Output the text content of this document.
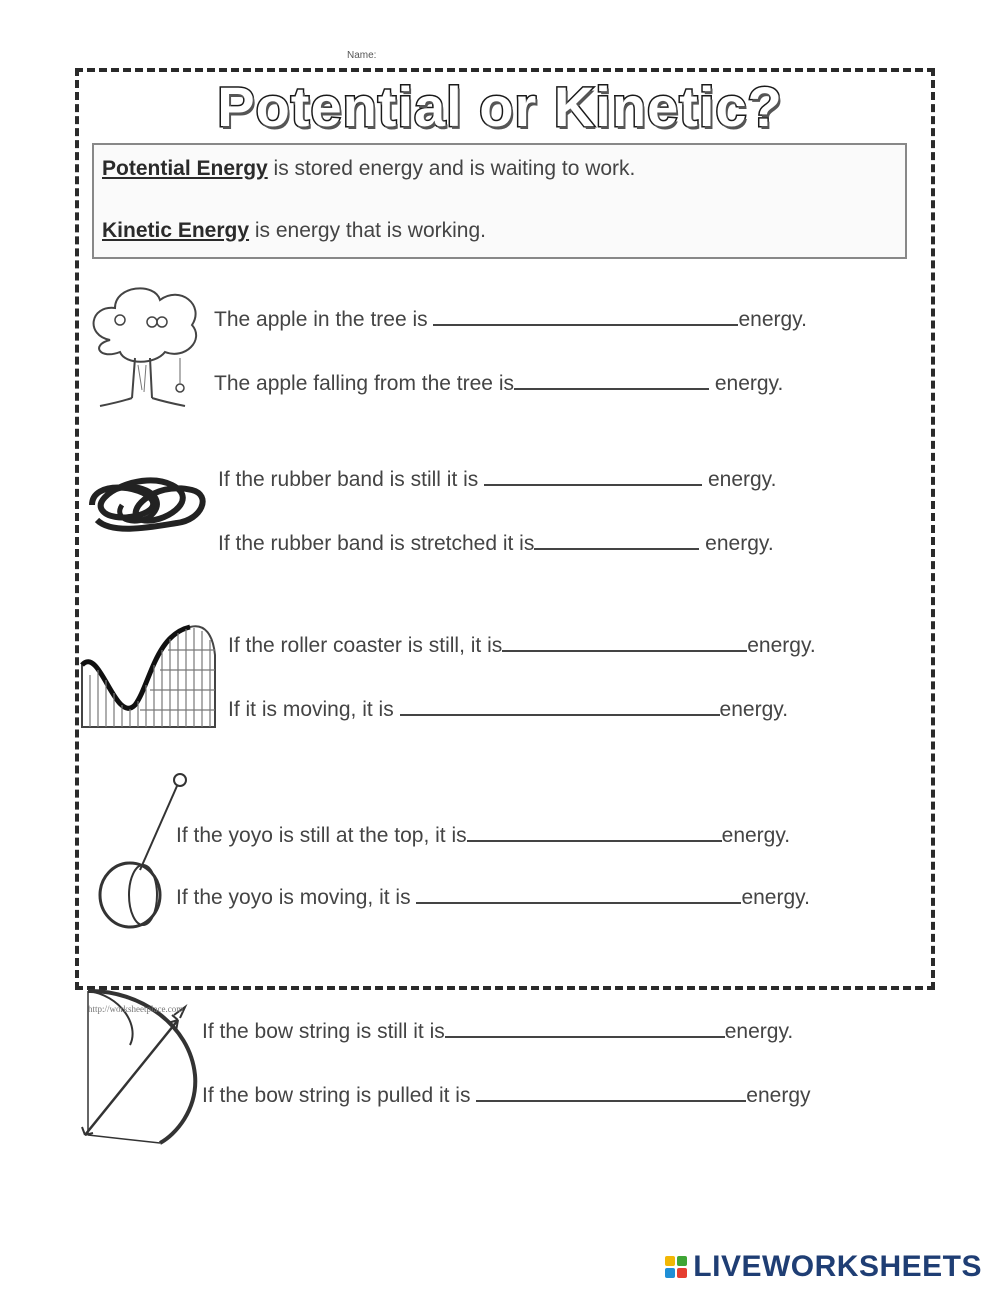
Name:
Potential or Kinetic?
Potential Energy is stored energy and is waiting to work.
Kinetic Energy is energy that is working.
The apple in the tree is	energy.
The apple falling from the tree is	energy.
If the rubber band is still it is	energy.
If the rubber band is stretched it is	energy.
If the roller coaster is still, it is	energy.
If it is moving, it is	energy.
If the yoyo is still at the top, it is	energy.
If the yoyo is moving, it is	energy.
If the bow string is still it is	energy.
If the bow string is pulled it is	energy
http://worksheetplace.com
LIVEWORKSHEETS
